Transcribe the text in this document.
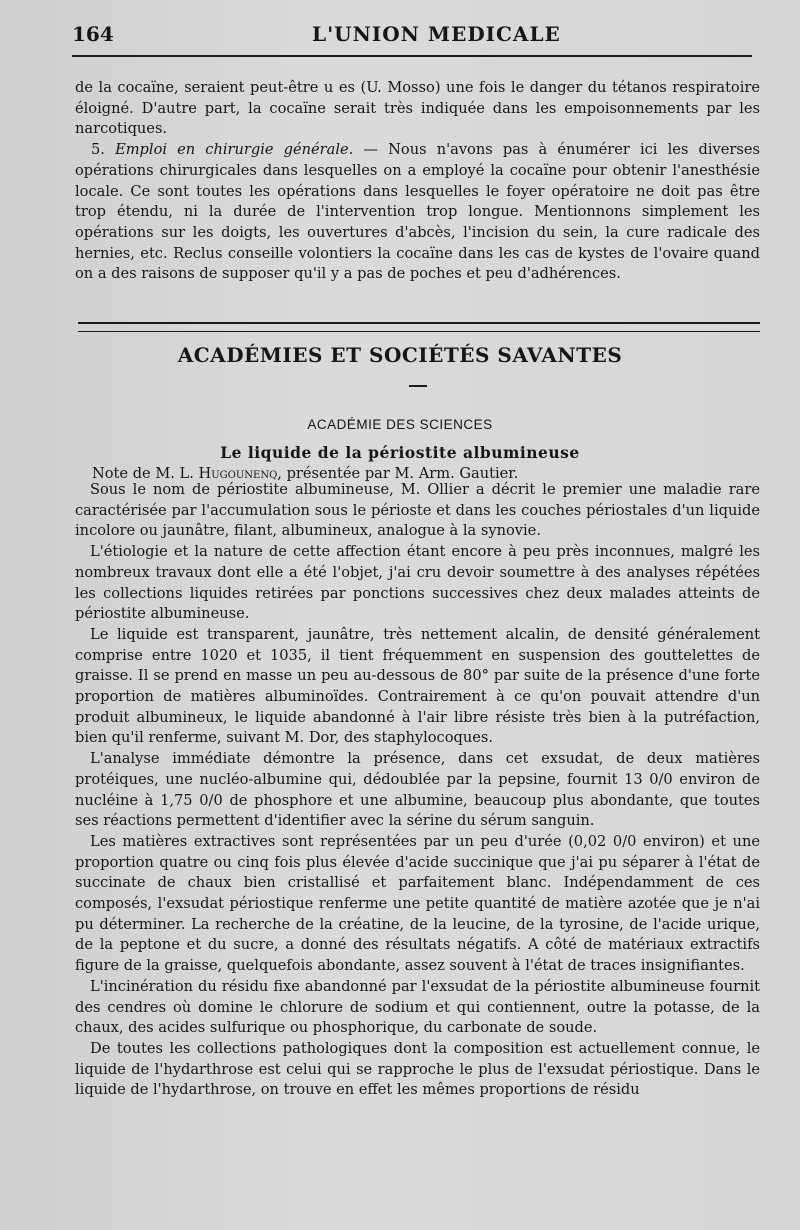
164	L'UNION MEDICALE

de la cocaïne, seraient peut-être u es (U. Mosso) une fois le danger du tétanos respiratoire éloigné. D'autre part, la cocaïne serait très indiquée dans les empoisonnements par les narcotiques.

5. Emploi en chirurgie générale. — Nous n'avons pas à énumérer ici les diverses opérations chirurgicales dans lesquelles on a employé la cocaïne pour obtenir l'anesthésie locale. Ce sont toutes les opérations dans lesquelles le foyer opératoire ne doit pas être trop étendu, ni la durée de l'intervention trop longue. Mentionnons simplement les opérations sur les doigts, les ouvertures d'abcès, l'incision du sein, la cure radicale des hernies, etc. Reclus conseille volontiers la cocaïne dans les cas de kystes de l'ovaire quand on a des raisons de supposer qu'il y a pas de poches et peu d'adhérences.

ACADÉMIES ET SOCIÉTÉS SAVANTES
ACADÉMIE DES SCIENCES
Le liquide de la périostite albumineuse
Note de M. L. Hugounenq, présentée par M. Arm. Gautier.

Sous le nom de périostite albumineuse, M. Ollier a décrit le premier une maladie rare caractérisée par l'accumulation sous le périoste et dans les couches périostales d'un liquide incolore ou jaunâtre, filant, albumineux, analogue à la synovie.

L'étiologie et la nature de cette affection étant encore à peu près inconnues, malgré les nombreux travaux dont elle a été l'objet, j'ai cru devoir soumettre à des analyses répétées les collections liquides retirées par ponctions successives chez deux malades atteints de périostite albumineuse.

Le liquide est transparent, jaunâtre, très nettement alcalin, de densité généralement comprise entre 1020 et 1035, il tient fréquemment en suspension des gouttelettes de graisse. Il se prend en masse un peu au-dessous de 80° par suite de la présence d'une forte proportion de matières albuminoïdes. Contrairement à ce qu'on pouvait attendre d'un produit albumineux, le liquide abandonné à l'air libre résiste très bien à la putréfaction, bien qu'il renferme, suivant M. Dor, des staphylocoques.

L'analyse immédiate démontre la présence, dans cet exsudat, de deux matières protéiques, une nucléo-albumine qui, dédoublée par la pepsine, fournit 13 0/0 environ de nucléine à 1,75 0/0 de phosphore et une albumine, beaucoup plus abondante, que toutes ses réactions permettent d'identifier avec la sérine du sérum sanguin.

Les matières extractives sont représentées par un peu d'urée (0,02 0/0 environ) et une proportion quatre ou cinq fois plus élevée d'acide succinique que j'ai pu séparer à l'état de succinate de chaux bien cristallisé et parfaitement blanc. Indépendamment de ces composés, l'exsudat périostique renferme une petite quantité de matière azotée que je n'ai pu déterminer. La recherche de la créatine, de la leucine, de la tyrosine, de l'acide urique, de la peptone et du sucre, a donné des résultats négatifs. A côté de matériaux extractifs figure de la graisse, quelquefois abondante, assez souvent à l'état de traces insignifiantes.

L'incinération du résidu fixe abandonné par l'exsudat de la périostite albumineuse fournit des cendres où domine le chlorure de sodium et qui contiennent, outre la potasse, de la chaux, des acides sulfurique ou phosphorique, du carbonate de soude.

De toutes les collections pathologiques dont la composition est actuellement connue, le liquide de l'hydarthrose est celui qui se rapproche le plus de l'exsudat périostique. Dans le liquide de l'hydarthrose, on trouve en effet les mêmes proportions de résidu
